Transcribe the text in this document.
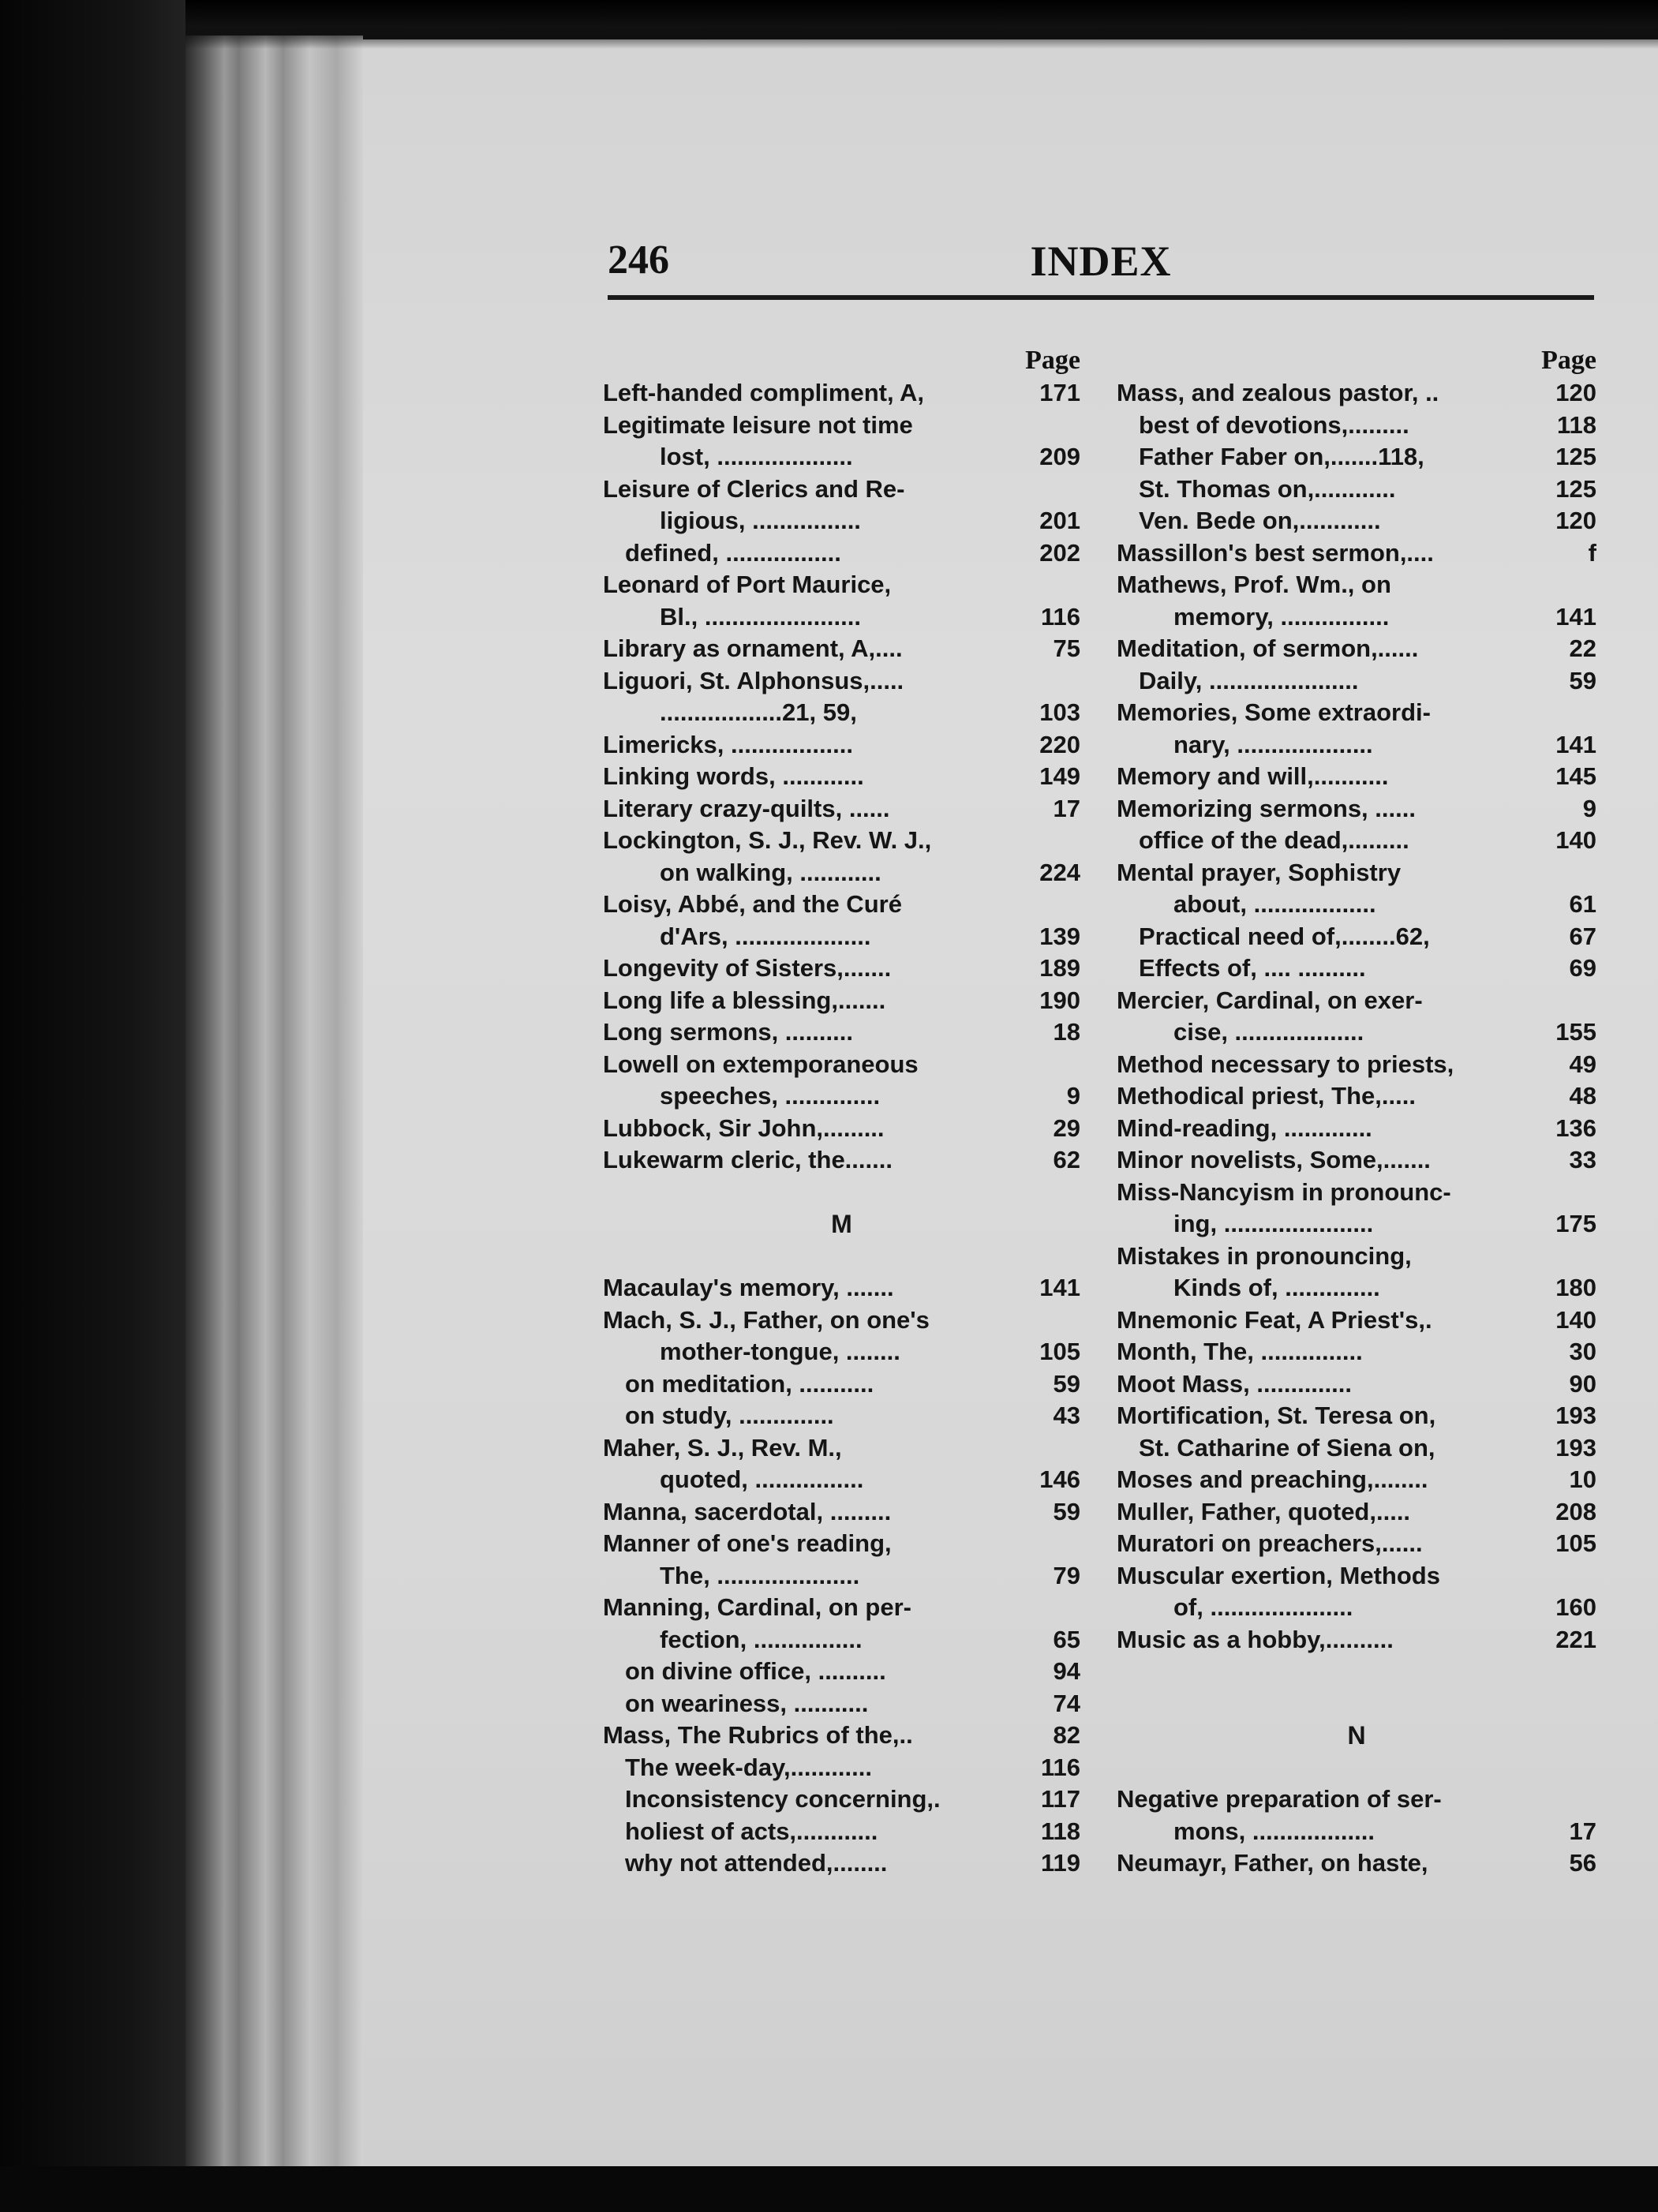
246	INDEX
Page
Left-handed compliment, A,	171
Legitimate leisure not time
lost, ....................	209
Leisure of Clerics and Re-
ligious, ................	201
defined, .................	202
Leonard of Port Maurice,
Bl., .......................	116
Library as ornament, A,....	75
Liguori, St. Alphonsus,.....
..................21, 59,	103
Limericks, ..................	220
Linking words, ............	149
Literary crazy-quilts, ......	17
Lockington, S. J., Rev. W. J.,
on walking, ............	224
Loisy, Abbé, and the Curé
d'Ars, ....................	139
Longevity of Sisters,.......	189
Long life a blessing,.......	190
Long sermons, ..........	18
Lowell on extemporaneous
speeches, ..............	9
Lubbock, Sir John,.........	29
Lukewarm cleric, the.......	62
M
Macaulay's memory, .......	141
Mach, S. J., Father, on one's
mother-tongue, ........	105
on meditation, ...........	59
on study, ..............	43
Maher, S. J., Rev. M.,
quoted, ................	146
Manna, sacerdotal, .........	59
Manner of one's reading,
The, .....................	79
Manning, Cardinal, on per-
fection, ................	65
on divine office, ..........	94
on weariness, ...........	74
Mass, The Rubrics of the,..	82
The week-day,............	116
Inconsistency concerning,.	117
holiest of acts,............	118
why not attended,........	119
Page
Mass, and zealous pastor, ..	120
best of devotions,.........	118
Father Faber on,.......118,	125
St. Thomas on,............	125
Ven. Bede on,............	120
Massillon's best sermon,....	f
Mathews, Prof. Wm., on
memory, ................	141
Meditation, of sermon,......	22
Daily, ......................	59
Memories, Some extraordi-
nary, ....................	141
Memory and will,...........	145
Memorizing sermons, ......	9
office of the dead,.........	140
Mental prayer, Sophistry
about, ..................	61
Practical need of,........62,	67
Effects of, .... ..........	69
Mercier, Cardinal, on exer-
cise, ...................	155
Method necessary to priests,	49
Methodical priest, The,.....	48
Mind-reading, .............	136
Minor novelists, Some,.......	33
Miss-Nancyism in pronounc-
ing, ......................	175
Mistakes in pronouncing,
Kinds of, ..............	180
Mnemonic Feat, A Priest's,.	140
Month, The, ...............	30
Moot Mass, ..............	90
Mortification, St. Teresa on,	193
St. Catharine of Siena on,	193
Moses and preaching,........	10
Muller, Father, quoted,.....	208
Muratori on preachers,......	105
Muscular exertion, Methods
of, .....................	160
Music as a hobby,..........	221
N
Negative preparation of ser-
mons, ..................	17
Neumayr, Father, on haste,	56
